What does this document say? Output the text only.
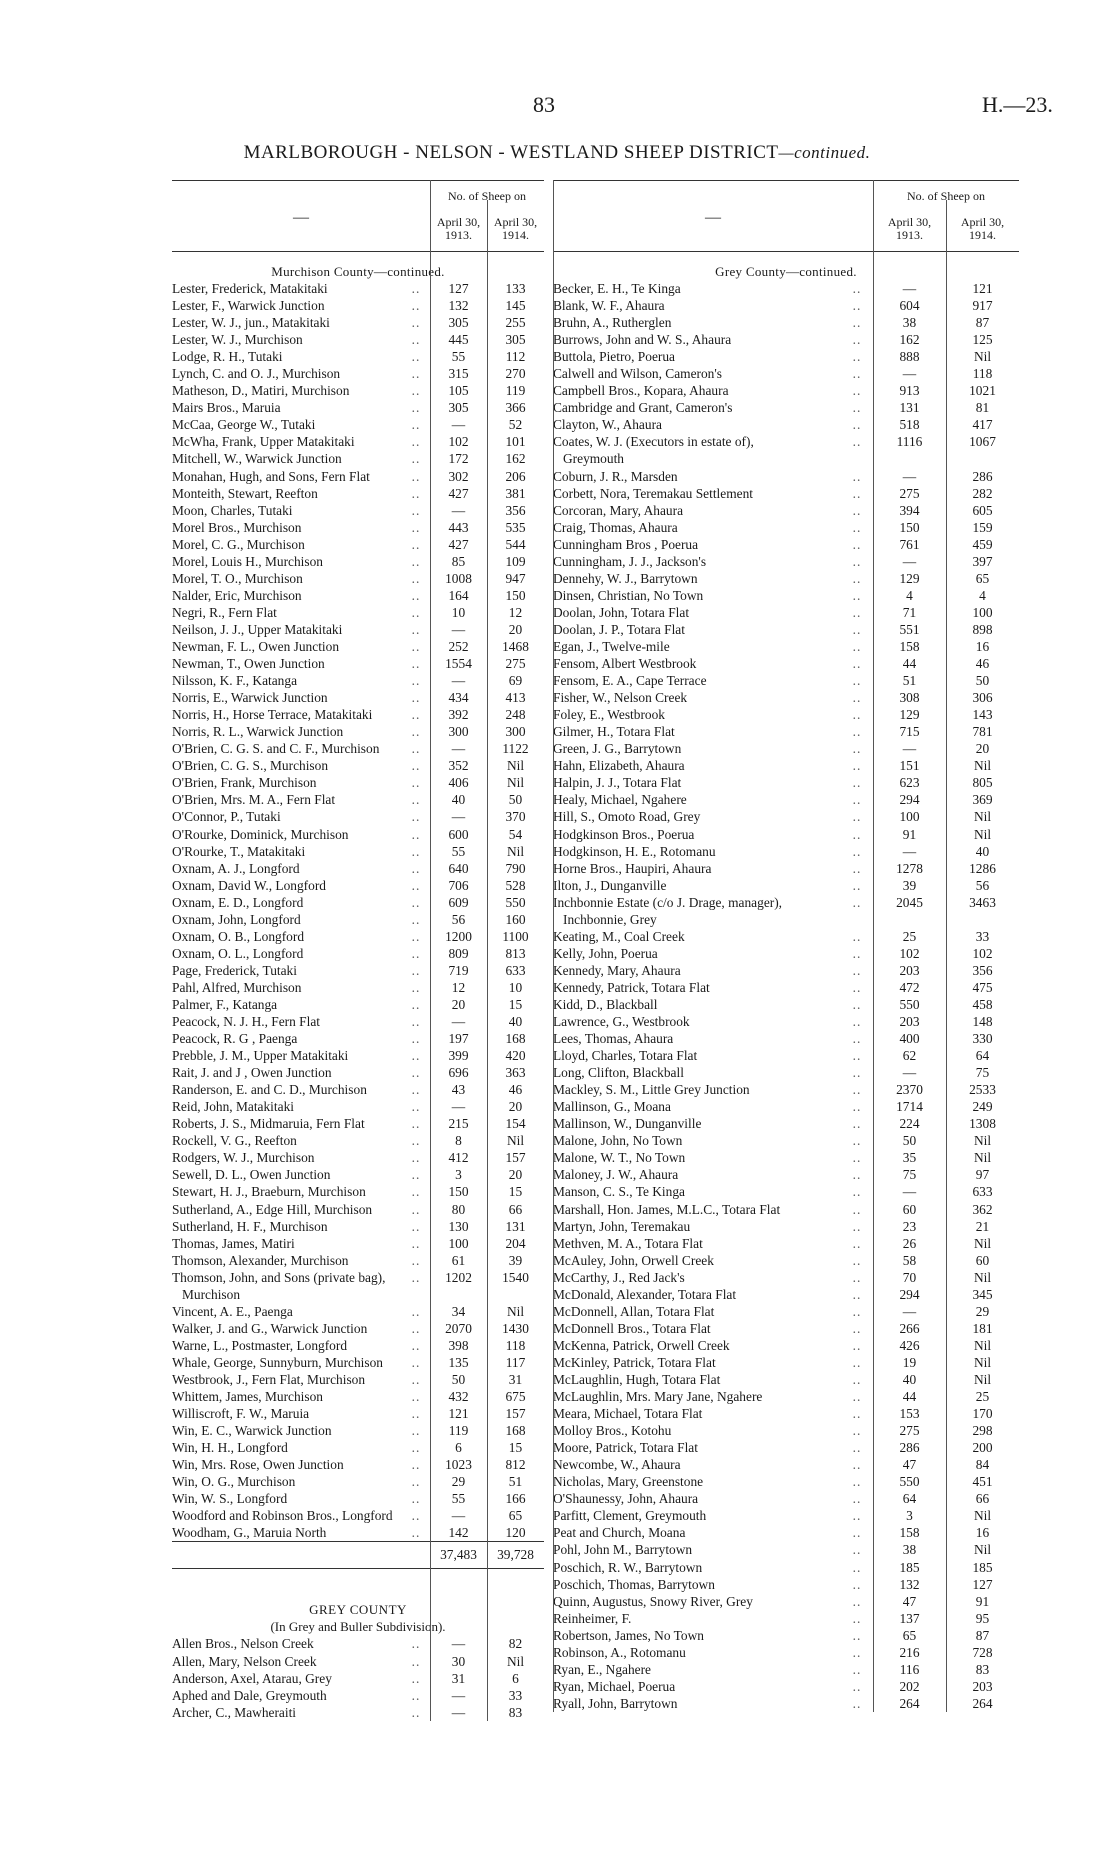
83	H.—23.
MARLBOROUGH - NELSON - WESTLAND SHEEP DISTRICT—continued.
—
No. of Sheep on
April 30, 1913.
April 30, 1914.
Murchison County—continued.
Lester, Frederick, Matakitaki	..	127	133
Lester, F., Warwick Junction	..	132	145
Lester, W. J., jun., Matakitaki	..	305	255
Lester, W. J., Murchison	..	445	305
Lodge, R. H., Tutaki	..	55	112
Lynch, C. and O. J., Murchison	..	315	270
Matheson, D., Matiri, Murchison	..	105	119
Mairs Bros., Maruia	..	305	366
McCaa, George W., Tutaki	..	—	52
McWha, Frank, Upper Matakitaki	..	102	101
Mitchell, W., Warwick Junction	..	172	162
Monahan, Hugh, and Sons, Fern Flat	..	302	206
Monteith, Stewart, Reefton	..	427	381
Moon, Charles, Tutaki	..	—	356
Morel Bros., Murchison	..	443	535
Morel, C. G., Murchison	..	427	544
Morel, Louis H., Murchison	..	85	109
Morel, T. O., Murchison	..	1008	947
Nalder, Eric, Murchison	..	164	150
Negri, R., Fern Flat	..	10	12
Neilson, J. J., Upper Matakitaki	..	—	20
Newman, F. L., Owen Junction	..	252	1468
Newman, T., Owen Junction	..	1554	275
Nilsson, K. F., Katanga	..	—	69
Norris, E., Warwick Junction	..	434	413
Norris, H., Horse Terrace, Matakitaki	..	392	248
Norris, R. L., Warwick Junction	..	300	300
O'Brien, C. G. S. and C. F., Murchison	..	—	1122
O'Brien, C. G. S., Murchison	..	352	Nil
O'Brien, Frank, Murchison	..	406	Nil
O'Brien, Mrs. M. A., Fern Flat	..	40	50
O'Connor, P., Tutaki	..	—	370
O'Rourke, Dominick, Murchison	..	600	54
O'Rourke, T., Matakitaki	..	55	Nil
Oxnam, A. J., Longford	..	640	790
Oxnam, David W., Longford	..	706	528
Oxnam, E. D., Longford	..	609	550
Oxnam, John, Longford	..	56	160
Oxnam, O. B., Longford	..	1200	1100
Oxnam, O. L., Longford	..	809	813
Page, Frederick, Tutaki	..	719	633
Pahl, Alfred, Murchison	..	12	10
Palmer, F., Katanga	..	20	15
Peacock, N. J. H., Fern Flat	..	—	40
Peacock, R. G , Paenga	..	197	168
Prebble, J. M., Upper Matakitaki	..	399	420
Rait, J. and J , Owen Junction	..	696	363
Randerson, E. and C. D., Murchison	..	43	46
Reid, John, Matakitaki	..	—	20
Roberts, J. S., Midmaruia, Fern Flat	..	215	154
Rockell, V. G., Reefton	..	8	Nil
Rodgers, W. J., Murchison	..	412	157
Sewell, D. L., Owen Junction	..	3	20
Stewart, H. J., Braeburn, Murchison	..	150	15
Sutherland, A., Edge Hill, Murchison	..	80	66
Sutherland, H. F., Murchison	..	130	131
Thomas, James, Matiri	..	100	204
Thomson, Alexander, Murchison	..	61	39
Thomson, John, and Sons (private bag),	..	1202	1540
Murchison
Vincent, A. E., Paenga	..	34	Nil
Walker, J. and G., Warwick Junction	..	2070	1430
Warne, L., Postmaster, Longford	..	398	118
Whale, George, Sunnyburn, Murchison	..	135	117
Westbrook, J., Fern Flat, Murchison	..	50	31
Whittem, James, Murchison	..	432	675
Williscroft, F. W., Maruia	..	121	157
Win, E. C., Warwick Junction	..	119	168
Win, H. H., Longford	..	6	15
Win, Mrs. Rose, Owen Junction	..	1023	812
Win, O. G., Murchison	..	29	51
Win, W. S., Longford	..	55	166
Woodford and Robinson Bros., Longford	..	—	65
Woodham, G., Maruia North	..	142	120
37,483	39,728
GREY COUNTY
(In Grey and Buller Subdivision).
Allen Bros., Nelson Creek	..	—	82
Allen, Mary, Nelson Creek	..	30	Nil
Anderson, Axel, Atarau, Grey	..	31	6
Aphed and Dale, Greymouth	..	—	33
Archer, C., Mawheraiti	..	—	83
—
No. of Sheep on
April 30, 1913.
April 30, 1914.
Grey County—continued.
Becker, E. H., Te Kinga	..	—	121
Blank, W. F., Ahaura	..	604	917
Bruhn, A., Rutherglen	..	38	87
Burrows, John and W. S., Ahaura	..	162	125
Buttola, Pietro, Poerua	..	888	Nil
Calwell and Wilson, Cameron's	..	—	118
Campbell Bros., Kopara, Ahaura	..	913	1021
Cambridge and Grant, Cameron's	..	131	81
Clayton, W., Ahaura	..	518	417
Coates, W. J. (Executors in estate of),	..	1116	1067
Greymouth
Coburn, J. R., Marsden	..	—	286
Corbett, Nora, Teremakau Settlement	..	275	282
Corcoran, Mary, Ahaura	..	394	605
Craig, Thomas, Ahaura	..	150	159
Cunningham Bros , Poerua	..	761	459
Cunningham, J. J., Jackson's	..	—	397
Dennehy, W. J., Barrytown	..	129	65
Dinsen, Christian, No Town	..	4	4
Doolan, John, Totara Flat	..	71	100
Doolan, J. P., Totara Flat	..	551	898
Egan, J., Twelve-mile	..	158	16
Fensom, Albert Westbrook	..	44	46
Fensom, E. A., Cape Terrace	..	51	50
Fisher, W., Nelson Creek	..	308	306
Foley, E., Westbrook	..	129	143
Gilmer, H., Totara Flat	..	715	781
Green, J. G., Barrytown	..	—	20
Hahn, Elizabeth, Ahaura	..	151	Nil
Halpin, J. J., Totara Flat	..	623	805
Healy, Michael, Ngahere	..	294	369
Hill, S., Omoto Road, Grey	..	100	Nil
Hodgkinson Bros., Poerua	..	91	Nil
Hodgkinson, H. E., Rotomanu	..	—	40
Horne Bros., Haupiri, Ahaura	..	1278	1286
Ilton, J., Dunganville	..	39	56
Inchbonnie Estate (c/o J. Drage, manager),	..	2045	3463
Inchbonnie, Grey
Keating, M., Coal Creek	..	25	33
Kelly, John, Poerua	..	102	102
Kennedy, Mary, Ahaura	..	203	356
Kennedy, Patrick, Totara Flat	..	472	475
Kidd, D., Blackball	..	550	458
Lawrence, G., Westbrook	..	203	148
Lees, Thomas, Ahaura	..	400	330
Lloyd, Charles, Totara Flat	..	62	64
Long, Clifton, Blackball	..	—	75
Mackley, S. M., Little Grey Junction	..	2370	2533
Mallinson, G., Moana	..	1714	249
Mallinson, W., Dunganville	..	224	1308
Malone, John, No Town	..	50	Nil
Malone, W. T., No Town	..	35	Nil
Maloney, J. W., Ahaura	..	75	97
Manson, C. S., Te Kinga	..	—	633
Marshall, Hon. James, M.L.C., Totara Flat	..	60	362
Martyn, John, Teremakau	..	23	21
Methven, M. A., Totara Flat	..	26	Nil
McAuley, John, Orwell Creek	..	58	60
McCarthy, J., Red Jack's	..	70	Nil
McDonald, Alexander, Totara Flat	..	294	345
McDonnell, Allan, Totara Flat	..	—	29
McDonnell Bros., Totara Flat	..	266	181
McKenna, Patrick, Orwell Creek	..	426	Nil
McKinley, Patrick, Totara Flat	..	19	Nil
McLaughlin, Hugh, Totara Flat	..	40	Nil
McLaughlin, Mrs. Mary Jane, Ngahere	..	44	25
Meara, Michael, Totara Flat	..	153	170
Molloy Bros., Kotohu	..	275	298
Moore, Patrick, Totara Flat	..	286	200
Newcombe, W., Ahaura	..	47	84
Nicholas, Mary, Greenstone	..	550	451
O'Shaunessy, John, Ahaura	..	64	66
Parfitt, Clement, Greymouth	..	3	Nil
Peat and Church, Moana	..	158	16
Pohl, John M., Barrytown	..	38	Nil
Poschich, R. W., Barrytown	..	185	185
Poschich, Thomas, Barrytown	..	132	127
Quinn, Augustus, Snowy River, Grey	..	47	91
Reinheimer, F.	..	137	95
Robertson, James, No Town	..	65	87
Robinson, A., Rotomanu	..	216	728
Ryan, E., Ngahere	..	116	83
Ryan, Michael, Poerua	..	202	203
Ryall, John, Barrytown	..	264	264
